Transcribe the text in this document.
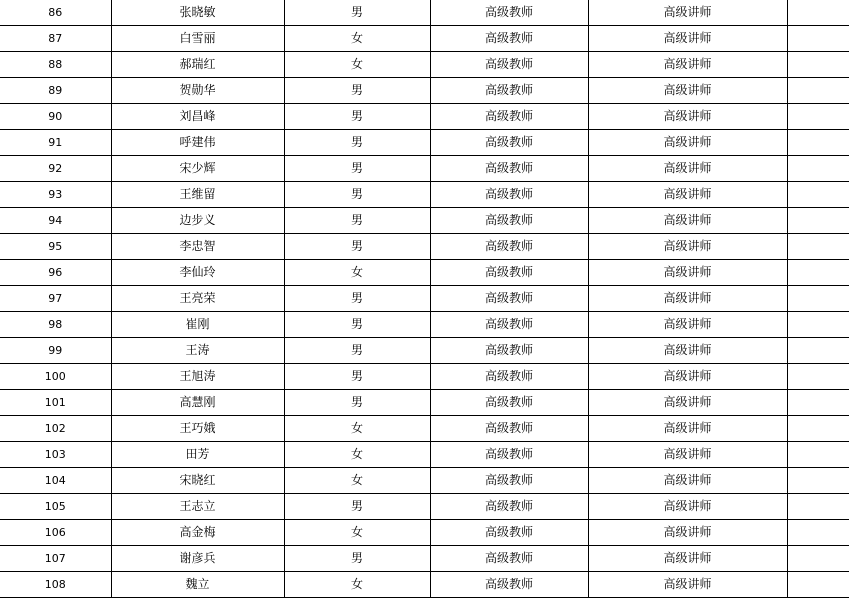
86	张晓敏	男	高级教师	高级讲师	
87	白雪丽	女	高级教师	高级讲师	
88	郝瑞红	女	高级教师	高级讲师	
89	贺勋华	男	高级教师	高级讲师	
90	刘昌峰	男	高级教师	高级讲师	
91	呼建伟	男	高级教师	高级讲师	
92	宋少辉	男	高级教师	高级讲师	
93	王维留	男	高级教师	高级讲师	
94	边步义	男	高级教师	高级讲师	
95	李忠智	男	高级教师	高级讲师	
96	李仙玲	女	高级教师	高级讲师	
97	王亮荣	男	高级教师	高级讲师	
98	崔刚	男	高级教师	高级讲师	
99	王涛	男	高级教师	高级讲师	
100	王旭涛	男	高级教师	高级讲师	
101	高慧刚	男	高级教师	高级讲师	
102	王巧娥	女	高级教师	高级讲师	
103	田芳	女	高级教师	高级讲师	
104	宋晓红	女	高级教师	高级讲师	
105	王志立	男	高级教师	高级讲师	
106	高金梅	女	高级教师	高级讲师	
107	谢彦兵	男	高级教师	高级讲师	
108	魏立	女	高级教师	高级讲师	
